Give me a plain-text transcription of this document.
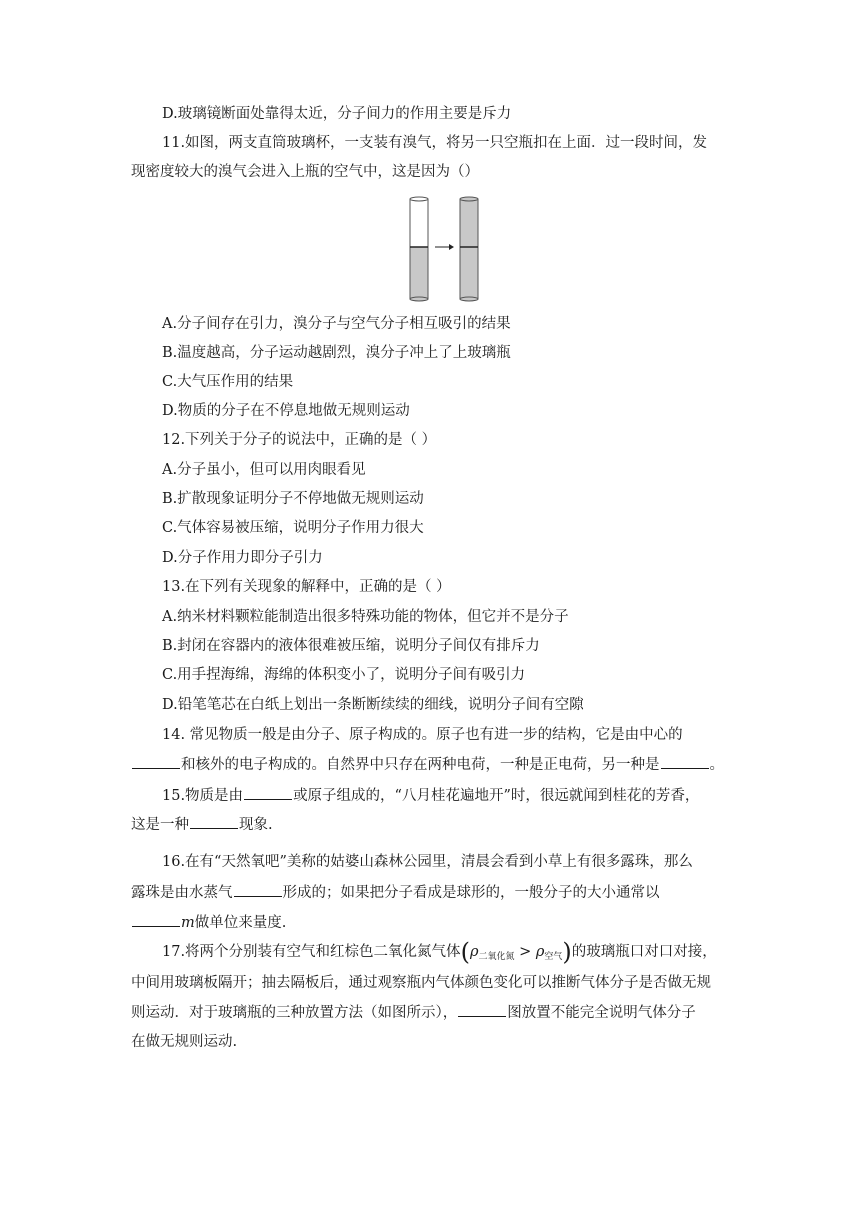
D.玻璃镜断面处靠得太近，分子间力的作用主要是斥力
11.如图，两支直筒玻璃杯，一支装有溴气，将另一只空瓶扣在上面．过一段时间，发
现密度较大的溴气会进入上瓶的空气中，这是因为（）
A.分子间存在引力，溴分子与空气分子相互吸引的结果
B.温度越高，分子运动越剧烈，溴分子冲上了上玻璃瓶
C.大气压作用的结果
D.物质的分子在不停息地做无规则运动
12.下列关于分子的说法中，正确的是（ ）
A.分子虽小，但可以用肉眼看见
B.扩散现象证明分子不停地做无规则运动
C.气体容易被压缩，说明分子作用力很大
D.分子作用力即分子引力
13.在下列有关现象的解释中，正确的是（ ）
A.纳米材料颗粒能制造出很多特殊功能的物体，但它并不是分子
B.封闭在容器内的液体很难被压缩，说明分子间仅有排斥力
C.用手捏海绵，海绵的体积变小了，说明分子间有吸引力
D.铅笔笔芯在白纸上划出一条断断续续的细线，说明分子间有空隙
14. 常见物质一般是由分子、原子构成的。原子也有进一步的结构，它是由中心的
和核外的电子构成的。自然界中只存在两种电荷，一种是正电荷，另一种是	。
15.物质是由	或原子组成的，“八月桂花遍地开”时，很远就闻到桂花的芳香，
这是一种	现象.
16.在有“天然氧吧”美称的姑婆山森林公园里，清晨会看到小草上有很多露珠，那么
露珠是由水蒸气	形成的；如果把分子看成是球形的，一般分子的大小通常以
m做单位来量度.
17.将两个分别装有空气和红棕色二氧化氮气体$(\rho_{二氧化氮} > \rho_{空气})$的玻璃瓶口对口对接，
中间用玻璃板隔开；抽去隔板后，通过观察瓶内气体颜色变化可以推断气体分子是否做无规
则运动．对于玻璃瓶的三种放置方法（如图所示），	图放置不能完全说明气体分子
在做无规则运动.
